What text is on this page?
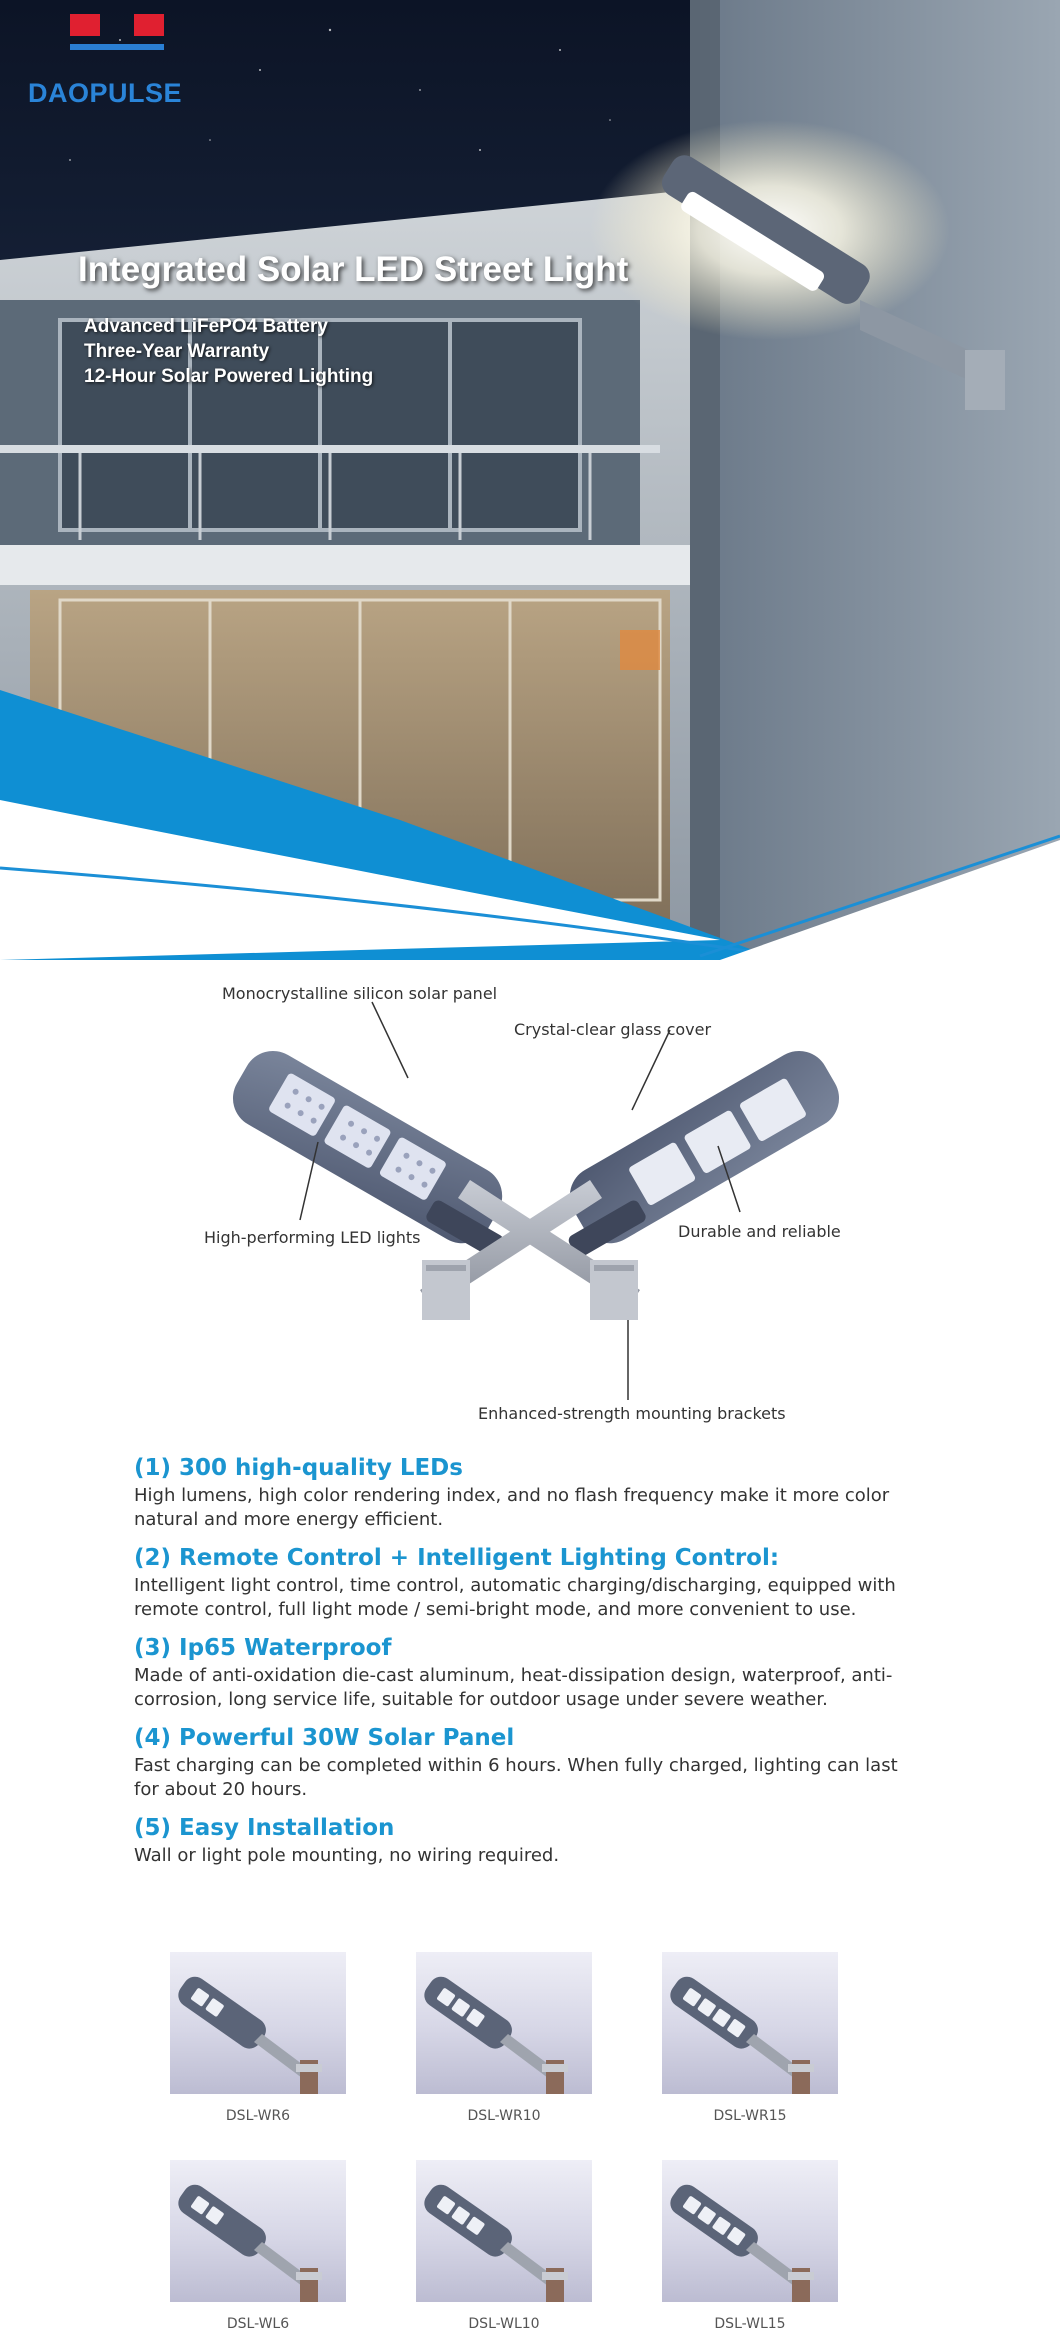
DAOPULSE
Integrated Solar LED Street Light
Advanced LiFePO4 Battery
Three-Year Warranty
12-Hour Solar Powered Lighting
Monocrystalline silicon solar panel
Crystal-clear glass cover
High-performing LED lights	Durable and reliable
Enhanced-strength mounting brackets
(1) 300 high-quality LEDs

High lumens, high color rendering index, and no flash frequency make it more color natural and more energy efficient.

(2) Remote Control + Intelligent Lighting Control:

Intelligent light control, time control, automatic charging/discharging, equipped with remote control, full light mode / semi-bright mode, and more convenient to use.

(3) Ip65 Waterproof

Made of anti-oxidation die-cast aluminum, heat-dissipation design, waterproof, anti-corrosion, long service life, suitable for outdoor usage under severe weather.

(4) Powerful 30W Solar Panel

Fast charging can be completed within 6 hours. When fully charged, lighting can last for about 20 hours.

(5) Easy Installation

Wall or light pole mounting, no wiring required.

DSL-WR6	DSL-WR10	DSL-WR15
DSL-WL6	DSL-WL10	DSL-WL15
